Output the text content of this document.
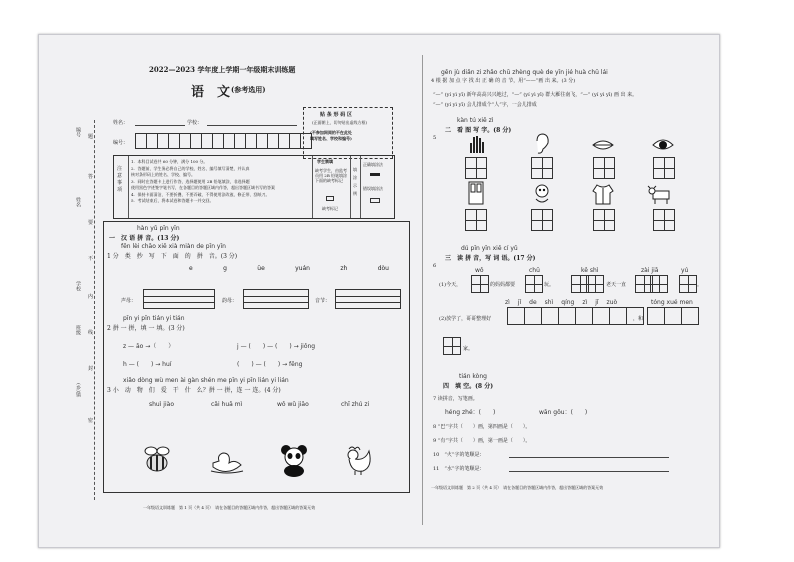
2022—2023 学年度上学期一年级期末训练题
语　文 (参考选用)
姓名：	学校：
编号：
贴 条 形 码 区
(正面朝上，切勿贴出虚线方框)
(不参加网阅的不在此处
填写姓名、学校和编号)
注意事项
1．本科目试卷共 60 分钟，满分 100 分。
2．答题前，学生务必将自己的学校、姓名、编号填写清楚，并认真
核对条形码上的姓名、学校、编号。
3．同时在答题卡上进行作答，选择题使用 2B 铅笔填涂，非选择题
使用黑色字迹签字笔书写，在各题目的答题区域内作答，超出答题区域书写的答案
4．保持卡面清洁，不要折叠、不要弄破、不得使用涂改液、修正带、刮纸刀。
5．考试结束后，将本试卷和答题卡一并交回。
学生禁填
缺考学生，由监考员用 2B 铅笔填涂下面的缺考标记
缺考标记
填涂示例
正确填涂法
错误填涂法
编号
姓名
学校
班级
(乡)镇
题
答
要
不
内
线
封
密
hàn yǔ pīn yīn
一　汉 语 拼 音。(13 分)
fēn lèi chāo xiě xià miàn de pīn yīn
1 分　类　抄　写　下　面　的　拼　音。(3 分)
e	g	üe	yuán	zh	dòu
声母：	韵母：	音节：
pīn yi pīn tián yi tián
2 拼 一 拼，填 一 填。(3 分)
z — āo →（　　）	j — (　　) — (　　) → jiǒng
h — (　　) → huí	(　　) — (　　) → fēng
xiǎo dòng wù men ài gàn shén me pīn yi pīn lián yi lián
3 小　动　物　们　爱　干　什　么？拼 一 拼，连 一 连。(4 分)
shuì jiào	cǎi huā mì	wǒ wǔ jiāo	chī zhú zi
一年级语文训练题　第 1 页（共 4 页）　请在各题目的答题区域内作答，超出答题区域的答案无效
gēn jù diǎn zi zhǎo chū zhèng què de yīn jié huà chū lái
4 根 据 加 点 字 找 出 正 确 的 音 节，用“——”画 出 来。(3 分)
“—” (yí yì yī) 新年高高兴兴地过，“—” (yí yì yī) 群大雁往南飞，“—” (yí yì yī) 画 出 来。
“—” (yí yì yī) 会儿排成个“人”字，一会儿排成
kàn tú xiě zì
二　看 图 写 字。(8 分)
5
dú pīn yīn xiě cí yǔ
三　读 拼 音，写 词 语。(17 分)
6
wǒ	chū	kě shì	zài jiā	yú
(1)今天，	的妈妈都要	玩。	老天一直	。
zì jǐ de shì qíng zì jǐ zuò	tóng xué men
(2)放学了，哥哥整理好	，和
家。
tián kòng
四　填 空。(8 分)
7 读拼音，写笔画。
héng zhé：(　　)	wān gōu：(　　)
8 “巴”字共（　　）画，第四画是（　　）。
9 “有”字共（　　）画，第一画是（　　）。
10　“火”字的笔顺是：
11　“水”字的笔顺是：
一年级语文训练题　第 2 页（共 4 页）　请在各题目的答题区域内作答，超出答题区域的答案无效
